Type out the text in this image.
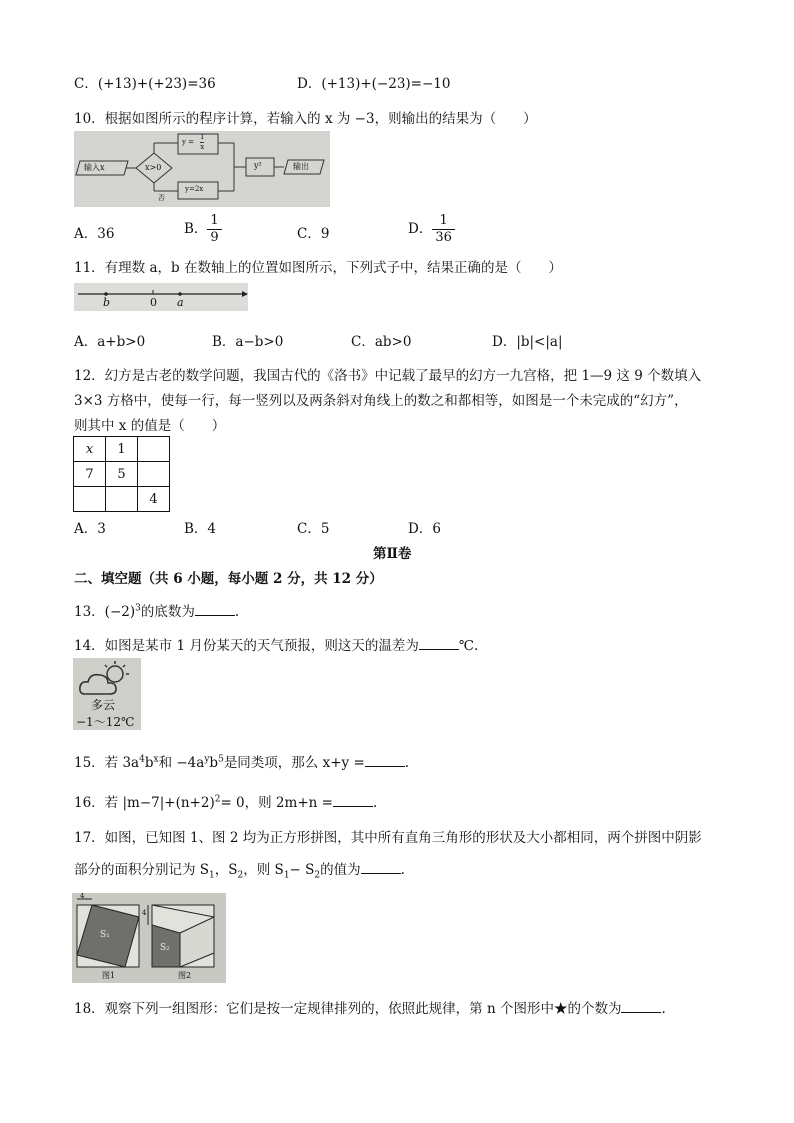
C．(+13)+(+23)=36	D．(+13)+(−23)=−10
10．根据如图所示的程序计算，若输入的 x 为 −3，则输出的结果为（　　）
输入x	x>0
否
$y = \frac{1}{x}$
y=2x
y²	输出
A．36	B． $\frac{1}{9}$	C．9	D． $\frac{1}{36}$
11．有理数 a，b 在数轴上的位置如图所示，下列式子中，结果正确的是（　　）
b	0 a
A．a+b>0	B．a−b>0	C．ab>0	D．|b|<|a|
12．幻方是古老的数学问题，我国古代的《洛书》中记载了最早的幻方一九宫格，把 1—9 这 9 个数填入
3×3 方格中，使每一行，每一竖列以及两条斜对角线上的数之和都相等，如图是一个未完成的“幻方”，
则其中 x 的值是（　　）
x	1	
7	5	
		4
A．3	B．4	C．5	D．6
第Ⅱ卷
二、填空题（共 6 小题，每小题 2 分，共 12 分）
13．$(-2)^3$的底数为	.
14．如图是某市 1 月份某天的天气预报，则这天的温差为	℃.
多云
−1～12℃
15．若 $3a^4b^x$和 $-4a^yb^5$是同类项，那么 x+y =	.
16．若 $|m-7|+(n+2)^2= 0$，则 2m+n =	.
17．如图，已知图 1、图 2 均为正方形拼图，其中所有直角三角形的形状及大小都相同，两个拼图中阴影
部分的面积分别记为 $S_1$，$S_2$，则 $S_1- S_2$的值为	.
4
4
S₁
S₂
图1	图2
18．观察下列一组图形：它们是按一定规律排列的，依照此规律，第 n 个图形中★的个数为	.
